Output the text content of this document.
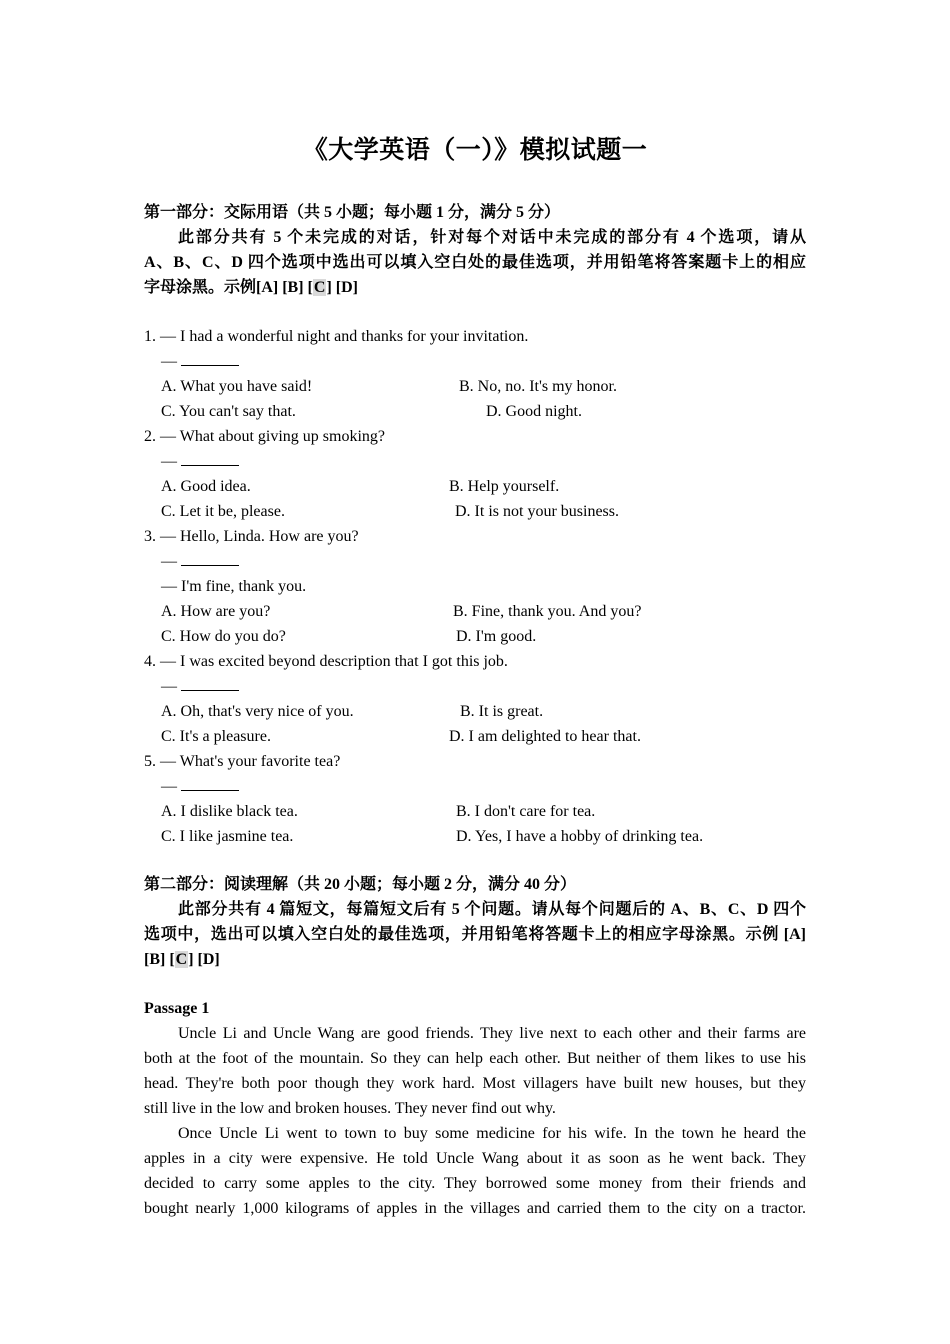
《大学英语（一）》模拟试题一
第一部分：交际用语（共 5 小题；每小题 1 分，满分 5 分）
此部分共有 5 个未完成的对话，针对每个对话中未完成的部分有 4 个选项，请从
A、B、C、D 四个选项中选出可以填入空白处的最佳选项，并用铅笔将答案题卡上的相应
字母涂黑。示例[A] [B] [C] [D]
1. — I had a wonderful night and thanks for your invitation.
—
A. What you have said!	B. No, no. It's my honor.
C. You can't say that.	D. Good night.
2. — What about giving up smoking?
—
A. Good idea.	B. Help yourself.
C. Let it be, please.	D. It is not your business.
3. — Hello, Linda. How are you?
—
— I'm fine, thank you.
A. How are you?	B. Fine, thank you. And you?
C. How do you do?	D. I'm good.
4. — I was excited beyond description that I got this job.
—
A. Oh, that's very nice of you.	B. It is great.
C. It's a pleasure.	D. I am delighted to hear that.
5. — What's your favorite tea?
—
A. I dislike black tea.	B. I don't care for tea.
C. I like jasmine tea.	D. Yes, I have a hobby of drinking tea.
第二部分：阅读理解（共 20 小题；每小题 2 分，满分 40 分）
此部分共有 4 篇短文，每篇短文后有 5 个问题。请从每个问题后的 A、B、C、D 四个
选项中，选出可以填入空白处的最佳选项，并用铅笔将答题卡上的相应字母涂黑。示例 [A]
[B] [C] [D]
Passage 1
Uncle Li and Uncle Wang are good friends. They live next to each other and their farms are
both at the foot of the mountain. So they can help each other. But neither of them likes to use his
head. They're both poor though they work hard. Most villagers have built new houses, but they
still live in the low and broken houses. They never find out why.
Once Uncle Li went to town to buy some medicine for his wife. In the town he heard the
apples in a city were expensive. He told Uncle Wang about it as soon as he went back. They
decided to carry some apples to the city. They borrowed some money from their friends and
bought nearly 1,000 kilograms of apples in the villages and carried them to the city on a tractor.
